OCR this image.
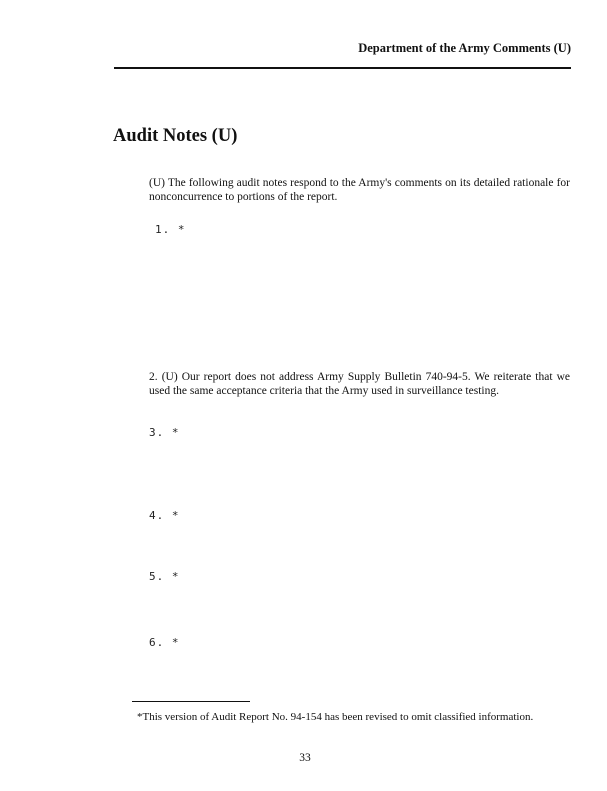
Department of the Army Comments (U)
Audit Notes (U)

(U) The following audit notes respond to the Army's comments on its detailed rationale for nonconcurrence to portions of the report.

1. *

2. (U) Our report does not address Army Supply Bulletin 740-94-5. We reiterate that we used the same acceptance criteria that the Army used in surveillance testing.

3. *
4. *
5. *
6. *
*This version of Audit Report No. 94-154 has been revised to omit classified information.
33
